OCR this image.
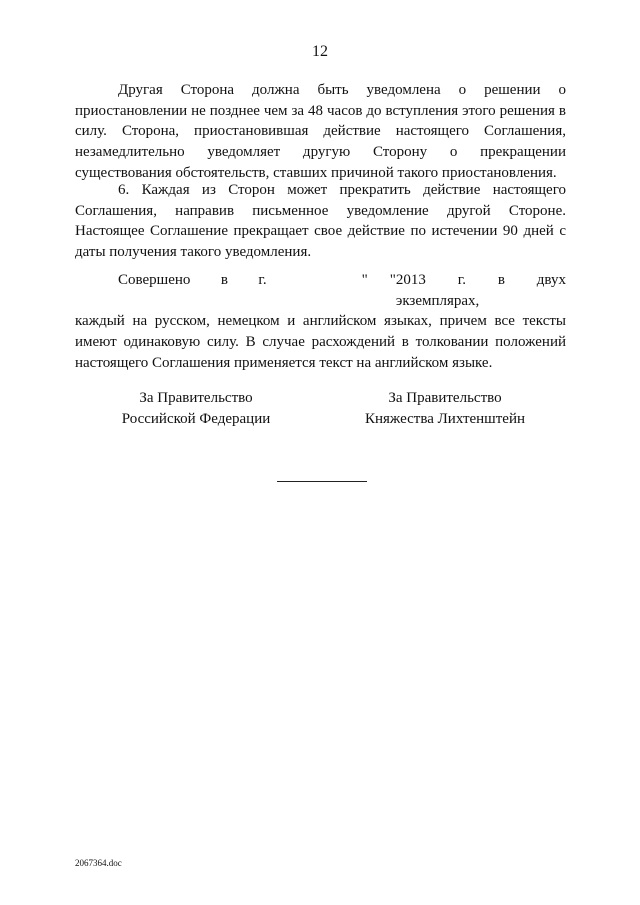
12
Другая Сторона должна быть уведомлена о решении о приостановлении не позднее чем за 48 часов до вступления этого решения в силу. Сторона, приостановившая действие настоящего Соглашения, незамедлительно уведомляет другую Сторону о прекращении существования обстоятельств, ставших причиной такого приостановления.
6. Каждая из Сторон может прекратить действие настоящего Соглашения, направив письменное уведомление другой Стороне. Настоящее Соглашение прекращает свое действие по истечении 90 дней с даты получения такого уведомления.
Совершено в г.	" " 2013 г. в двух экземплярах,
каждый на русском, немецком и английском языках, причем все тексты имеют одинаковую силу. В случае расхождений в толковании положений настоящего Соглашения применяется текст на английском языке.
За Правительство
Российской Федерации
За Правительство
Княжества Лихтенштейн
2067364.doc
